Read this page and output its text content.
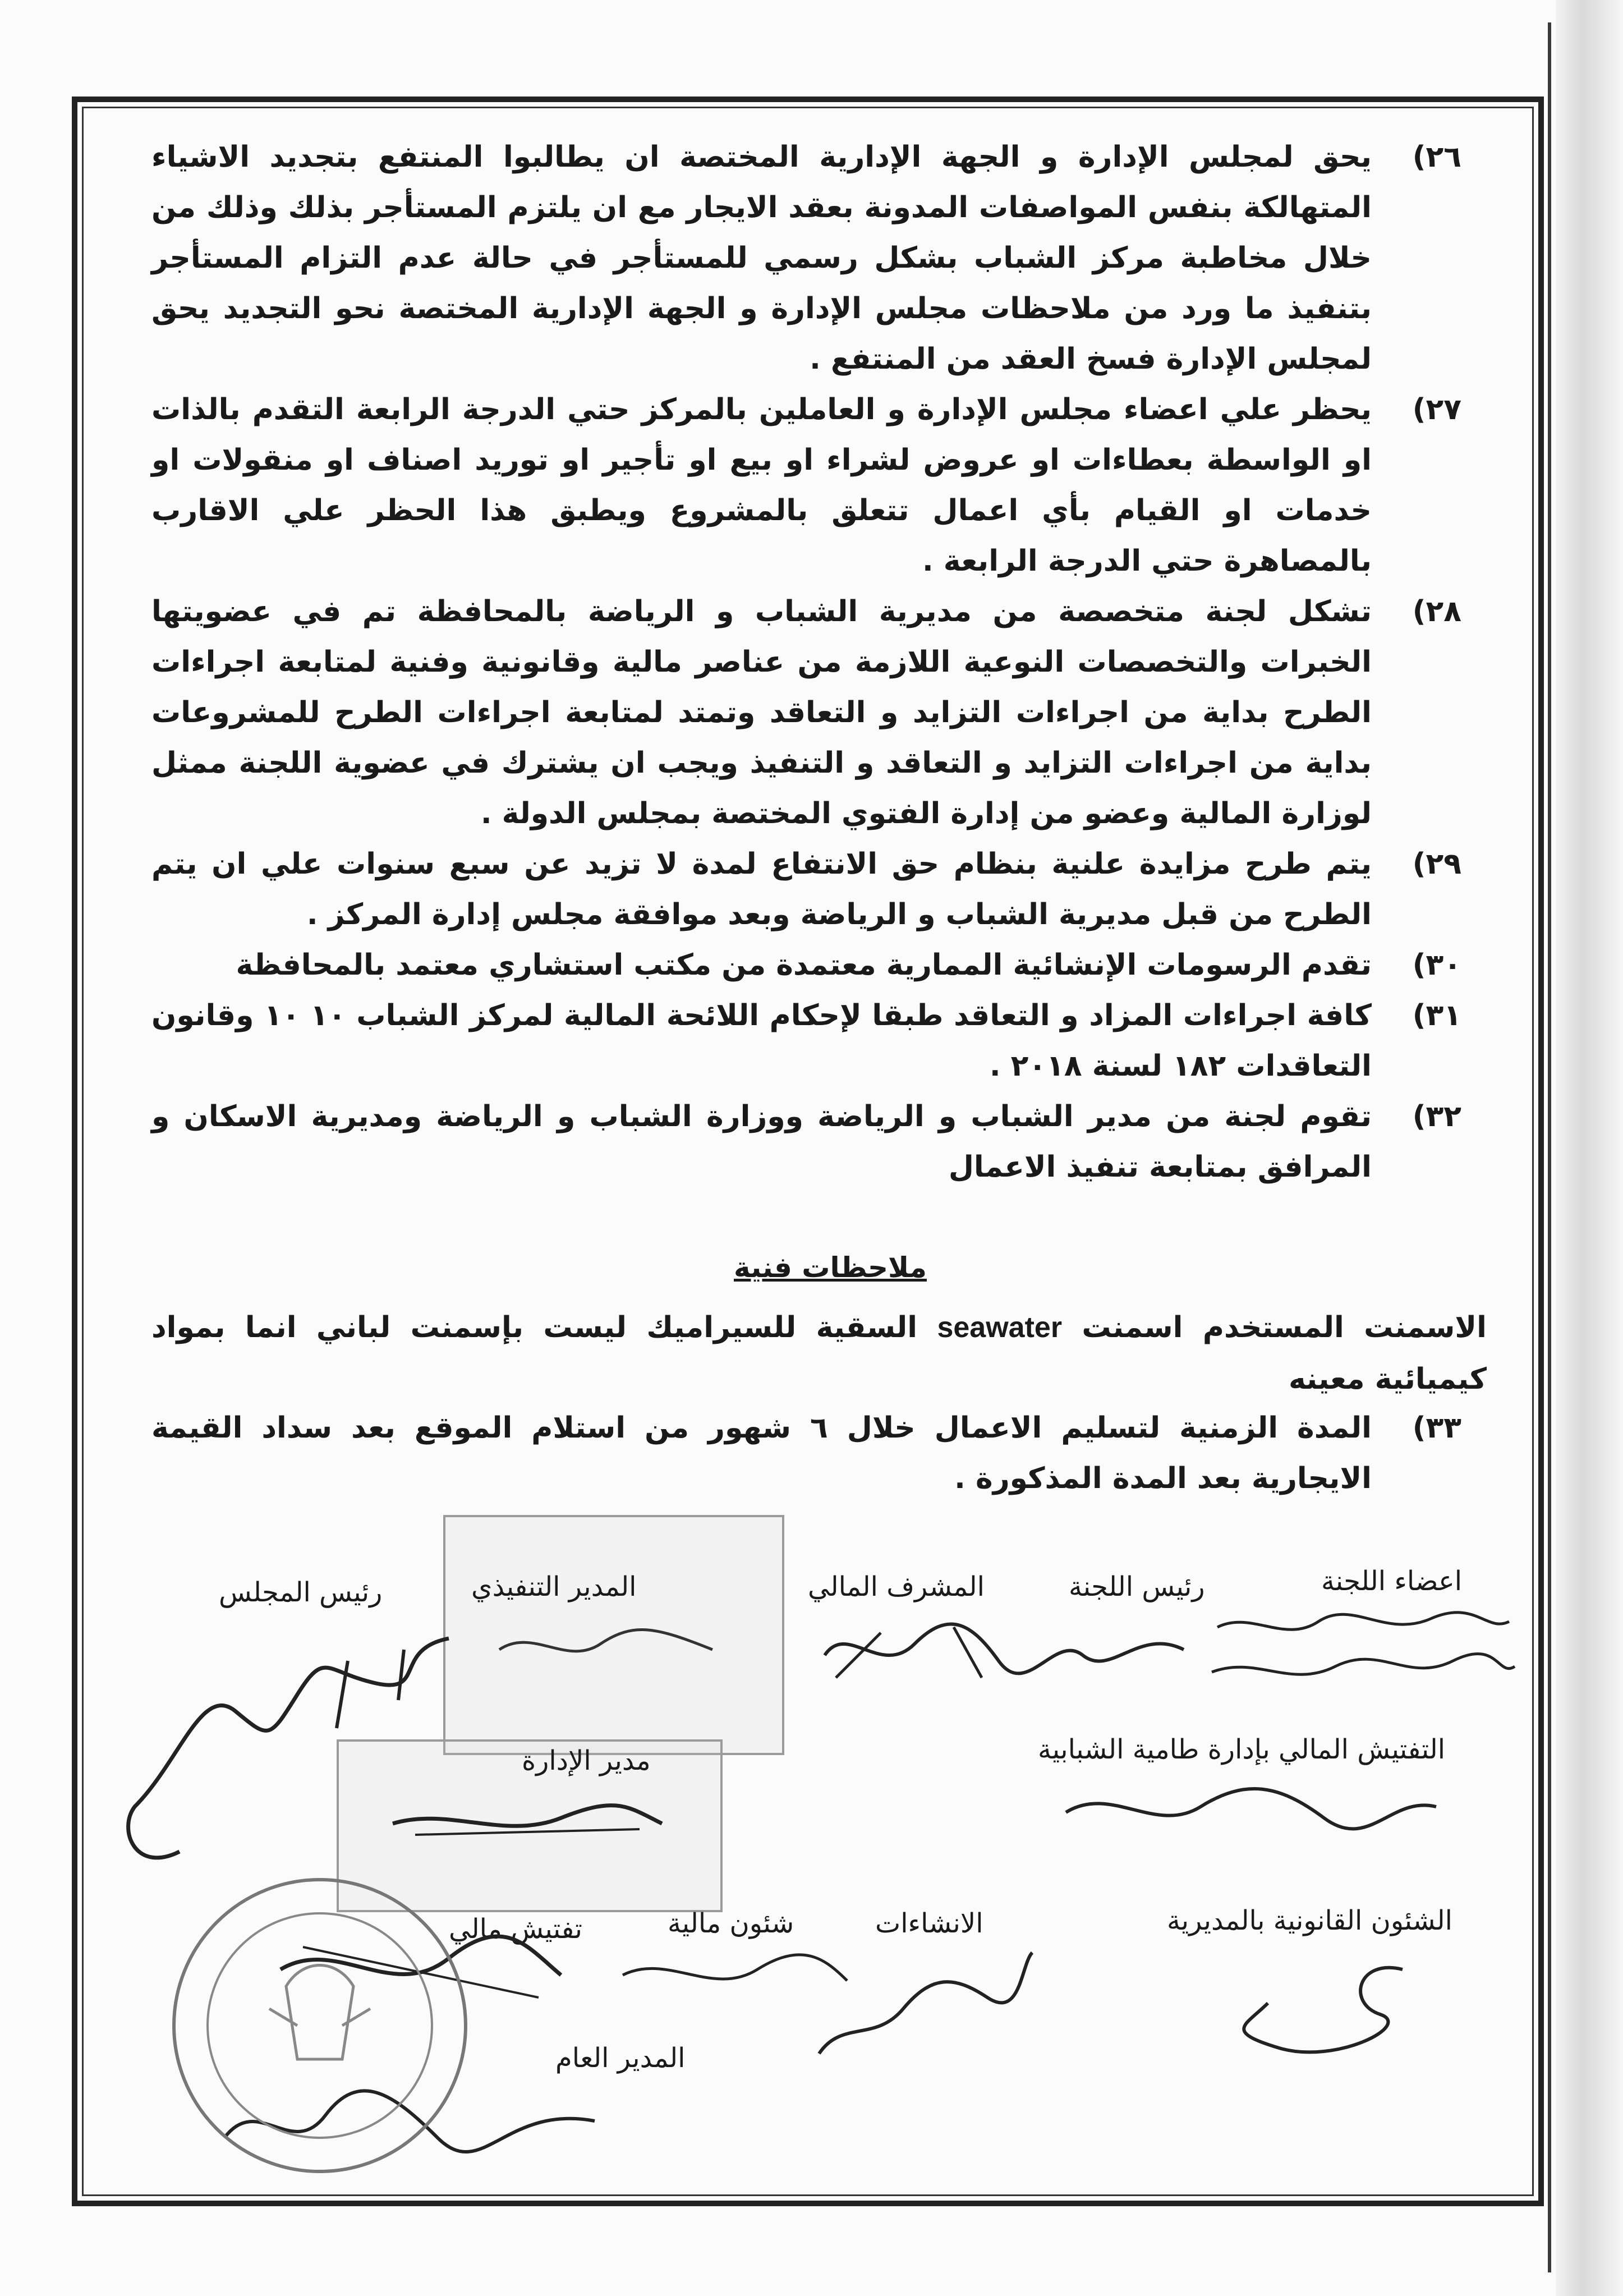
٢٦)
يحق لمجلس الإدارة و الجهة الإدارية المختصة ان يطالبوا المنتفع بتجديد الاشياء المتهالكة بنفس المواصفات المدونة بعقد الايجار مع ان يلتزم المستأجر بذلك وذلك من خلال مخاطبة مركز الشباب بشكل رسمي للمستأجر في حالة عدم التزام المستأجر بتنفيذ ما ورد من ملاحظات مجلس الإدارة و الجهة الإدارية المختصة نحو التجديد يحق لمجلس الإدارة فسخ العقد من المنتفع .
٢٧)
يحظر علي اعضاء مجلس الإدارة و العاملين بالمركز حتي الدرجة الرابعة التقدم بالذات او الواسطة بعطاءات او عروض لشراء او بيع او تأجير او توريد اصناف او منقولات او خدمات او القيام بأي اعمال تتعلق بالمشروع ويطبق هذا الحظر علي الاقارب بالمصاهرة حتي الدرجة الرابعة .
٢٨)
تشكل لجنة متخصصة من مديرية الشباب و الرياضة بالمحافظة تم في عضويتها الخبرات والتخصصات النوعية اللازمة من عناصر مالية وقانونية وفنية لمتابعة اجراءات الطرح بداية من اجراءات التزايد و التعاقد وتمتد لمتابعة اجراءات الطرح للمشروعات بداية من اجراءات التزايد و التعاقد و التنفيذ ويجب ان يشترك في عضوية اللجنة ممثل لوزارة المالية وعضو من إدارة الفتوي المختصة بمجلس الدولة .
٢٩)
يتم طرح مزايدة علنية بنظام حق الانتفاع لمدة لا تزيد عن سبع سنوات علي ان يتم الطرح من قبل مديرية الشباب و الرياضة وبعد موافقة مجلس إدارة المركز .
٣٠)
تقدم الرسومات الإنشائية الممارية معتمدة من مكتب استشاري معتمد بالمحافظة
٣١)
كافة اجراءات المزاد و التعاقد طبقا لإحكام اللائحة المالية لمركز الشباب ١٠ ١٠ وقانون التعاقدات ١٨٢ لسنة ٢٠١٨ .
٣٢)
تقوم لجنة من مدير الشباب و الرياضة ووزارة الشباب و الرياضة ومديرية الاسكان و المرافق بمتابعة تنفيذ الاعمال
ملاحظات فنية
الاسمنت المستخدم اسمنت seawater السقية للسيراميك ليست بإسمنت لباني انما بمواد كيميائية معينه
٣٣)
المدة الزمنية لتسليم الاعمال خلال ٦ شهور من استلام الموقع بعد سداد القيمة الايجارية بعد المدة المذكورة .
اعضاء اللجنة
رئيس اللجنة
المشرف المالي
المدير التنفيذي
رئيس المجلس
التفتيش المالي بإدارة طامية الشبابية
مدير الإدارة
الشئون القانونية بالمديرية
الانشاءات
شئون مالية
تفتيش مالي
المدير العام
